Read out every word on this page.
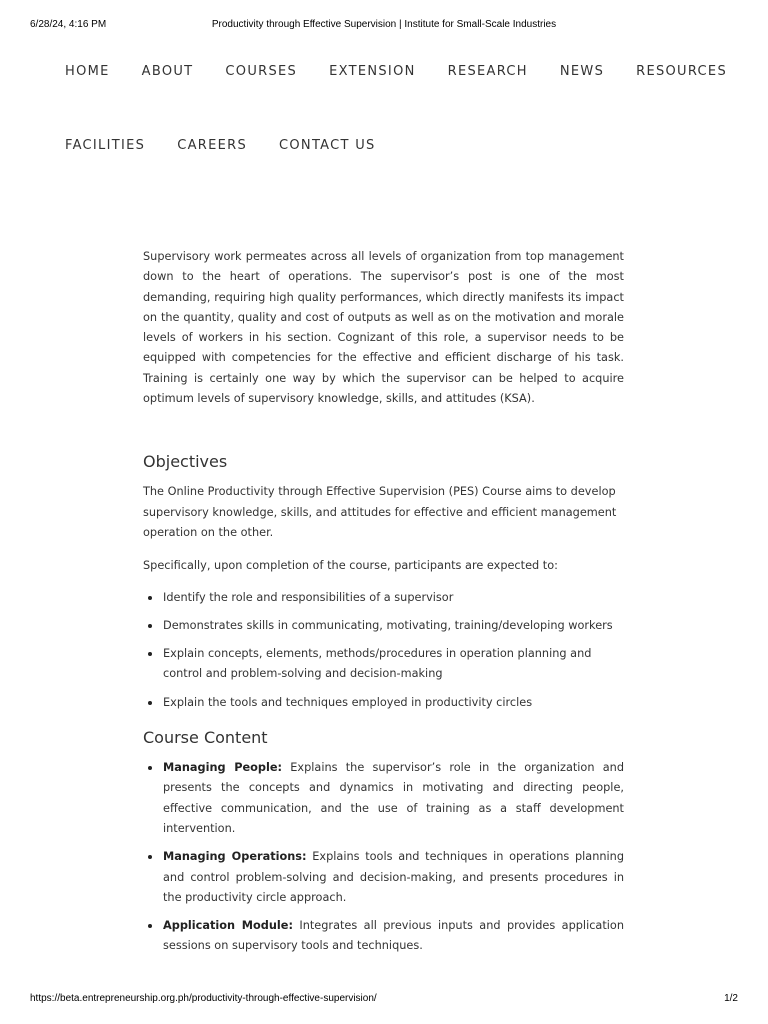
6/28/24, 4:16 PM	Productivity through Effective Supervision | Institute for Small-Scale Industries
HOME ABOUT COURSES EXTENSION RESEARCH NEWS RESOURCES
FACILITIES CAREERS CONTACT US

Supervisory work permeates across all levels of organization from top management down to the heart of operations. The supervisor’s post is one of the most demanding, requiring high quality performances, which directly manifests its impact on the quantity, quality and cost of outputs as well as on the motivation and morale levels of workers in his section. Cognizant of this role, a supervisor needs to be equipped with competencies for the effective and efficient discharge of his task. Training is certainly one way by which the supervisor can be helped to acquire optimum levels of supervisory knowledge, skills, and attitudes (KSA).

Objectives

The Online Productivity through Effective Supervision (PES) Course aims to develop supervisory knowledge, skills, and attitudes for effective and efficient management operation on the other.

Specifically, upon completion of the course, participants are expected to:

Identify the role and responsibilities of a supervisor
Demonstrates skills in communicating, motivating, training/developing workers
Explain concepts, elements, methods/procedures in operation planning and control and problem-solving and decision-making
Explain the tools and techniques employed in productivity circles
Course Content
Managing People: Explains the supervisor’s role in the organization and presents the concepts and dynamics in motivating and directing people, effective communication, and the use of training as a staff development intervention.
Managing Operations: Explains tools and techniques in operations planning and control problem-solving and decision-making, and presents procedures in the productivity circle approach.
Application Module: Integrates all previous inputs and provides application sessions on supervisory tools and techniques.
https://beta.entrepreneurship.org.ph/productivity-through-effective-supervision/	1/2
